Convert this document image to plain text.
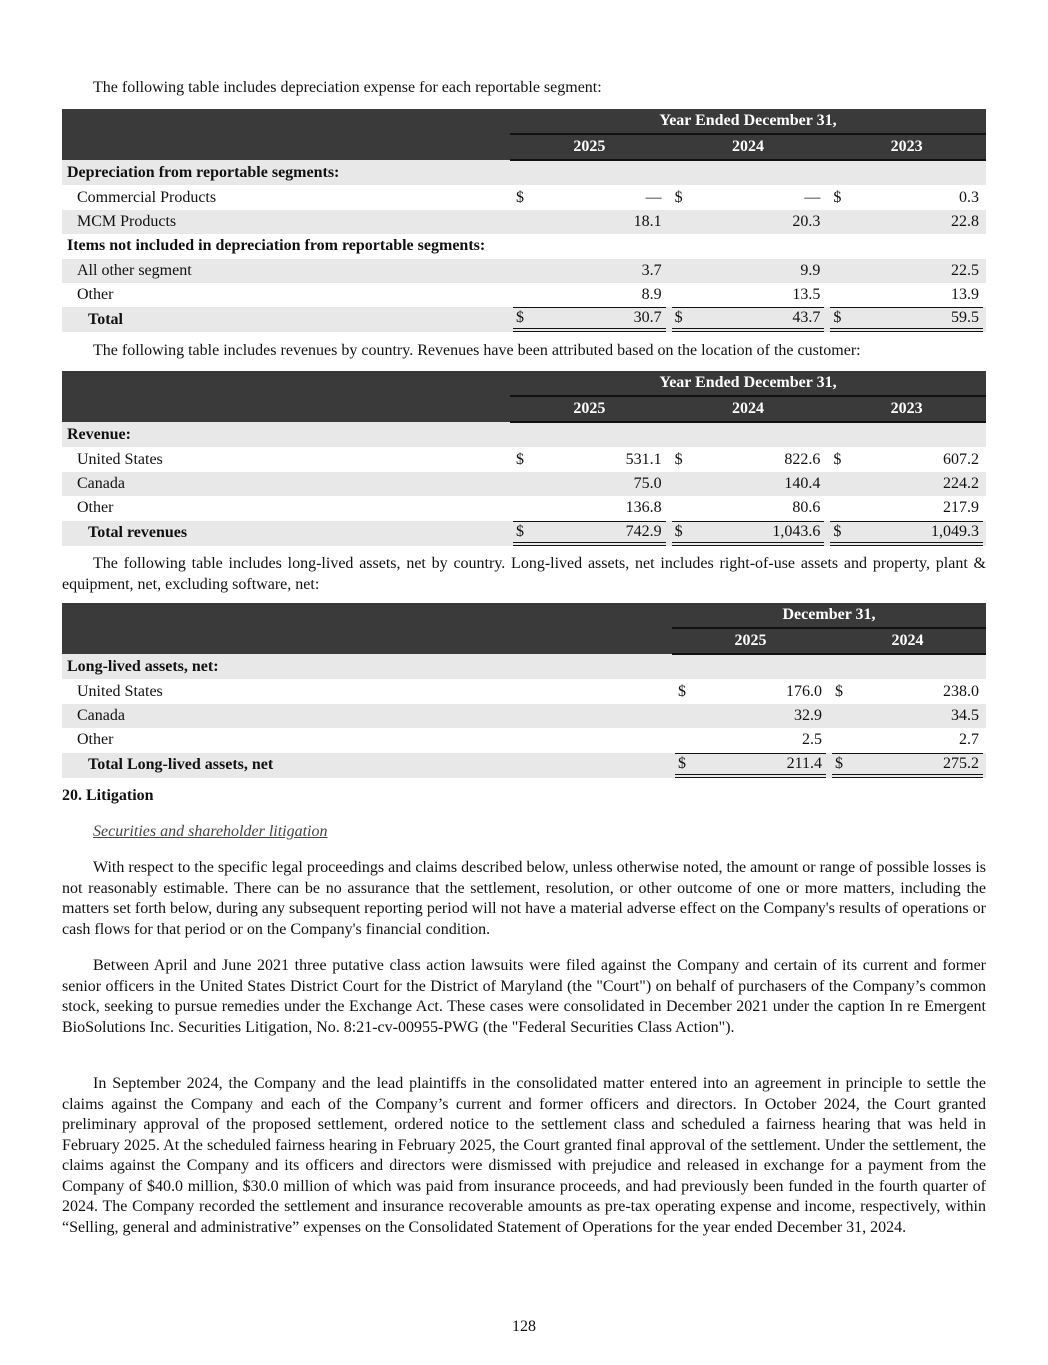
The following table includes depreciation expense for each reportable segment:
	Year Ended December 31,		
	2025	2024	2023
Depreciation from reportable segments:			
Commercial Products	$ —	$ —	$ 0.3

MCM Products	18.1	20.3	22.8

Items not included in depreciation from reportable segments:			
All other segment	3.7	9.9	22.5

Other	8.9	13.5	13.9

Total	$ 30.7	$ 43.7	$ 59.5
The following table includes revenues by country. Revenues have been attributed based on the location of the customer:
	Year Ended December 31,		
	2025	2024	2023
Revenue:			
United States	$ 531.1	$ 822.6	$ 607.2

Canada	75.0	140.4	224.2

Other	136.8	80.6	217.9

Total revenues	$ 742.9	$ 1,043.6	$ 1,049.3
The following table includes long-lived assets, net by country. Long-lived assets, net includes right-of-use assets and property, plant & equipment, net, excluding software, net:
	December 31,	
	2025	2024
Long-lived assets, net:		
United States	$ 176.0	$ 238.0

Canada	32.9	34.5

Other	2.5	2.7

Total Long-lived assets, net	$ 211.4	$ 275.2
20. Litigation
Securities and shareholder litigation

With respect to the specific legal proceedings and claims described below, unless otherwise noted, the amount or range of possible losses is not reasonably estimable. There can be no assurance that the settlement, resolution, or other outcome of one or more matters, including the matters set forth below, during any subsequent reporting period will not have a material adverse effect on the Company's results of operations or cash flows for that period or on the Company's financial condition.

Between April and June 2021 three putative class action lawsuits were filed against the Company and certain of its current and former senior officers in the United States District Court for the District of Maryland (the "Court") on behalf of purchasers of the Company’s common stock, seeking to pursue remedies under the Exchange Act. These cases were consolidated in December 2021 under the caption In re Emergent BioSolutions Inc. Securities Litigation, No. 8:21-cv-00955-PWG (the "Federal Securities Class Action").

In September 2024, the Company and the lead plaintiffs in the consolidated matter entered into an agreement in principle to settle the claims against the Company and each of the Company’s current and former officers and directors. In October 2024, the Court granted preliminary approval of the proposed settlement, ordered notice to the settlement class and scheduled a fairness hearing that was held in February 2025. At the scheduled fairness hearing in February 2025, the Court granted final approval of the settlement. Under the settlement, the claims against the Company and its officers and directors were dismissed with prejudice and released in exchange for a payment from the Company of $40.0 million, $30.0 million of which was paid from insurance proceeds, and had previously been funded in the fourth quarter of 2024. The Company recorded the settlement and insurance recoverable amounts as pre-tax operating expense and income, respectively, within “Selling, general and administrative” expenses on the Consolidated Statement of Operations for the year ended December 31, 2024.

128
